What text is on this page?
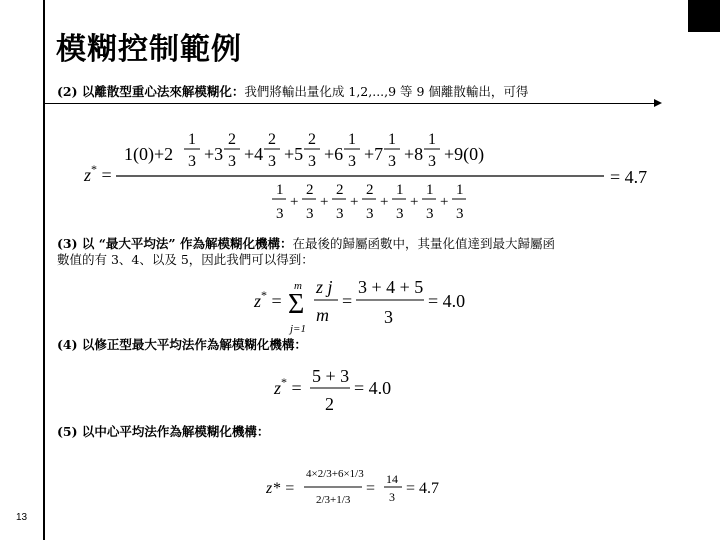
模糊控制範例
(2) 以離散型重心法來解模糊化：我們將輸出量化成 1,2,...,9 等 9 個離散輸出，可得
z* =
1(0)+2
1
3 +3
2
3 +4
2
3 +5
2
3 +6
1
3 +7
1
3 +8
1
3 +9(0)
1
3
+
2
3
+
2
3
+
2
3
+
1
3
+
1
3
+
1
3
= 4.7
(3) 以 “最大平均法” 作為解模糊化機構：在最後的歸屬函數中，其量化值達到最大歸屬函
數值的有 3、4、以及 5，因此我們可以得到：
z* =
m
Σ
j=1
z j
m
=
3 + 4 + 5
3
= 4.0
(4) 以修正型最大平均法作為解模糊化機構：
z* =
5 + 3
2
= 4.0
(5) 以中心平均法作為解模糊化機構：
z* =
4×2/3+6×1/3
2/3+1/3
=
14
3 = 4.7
13
